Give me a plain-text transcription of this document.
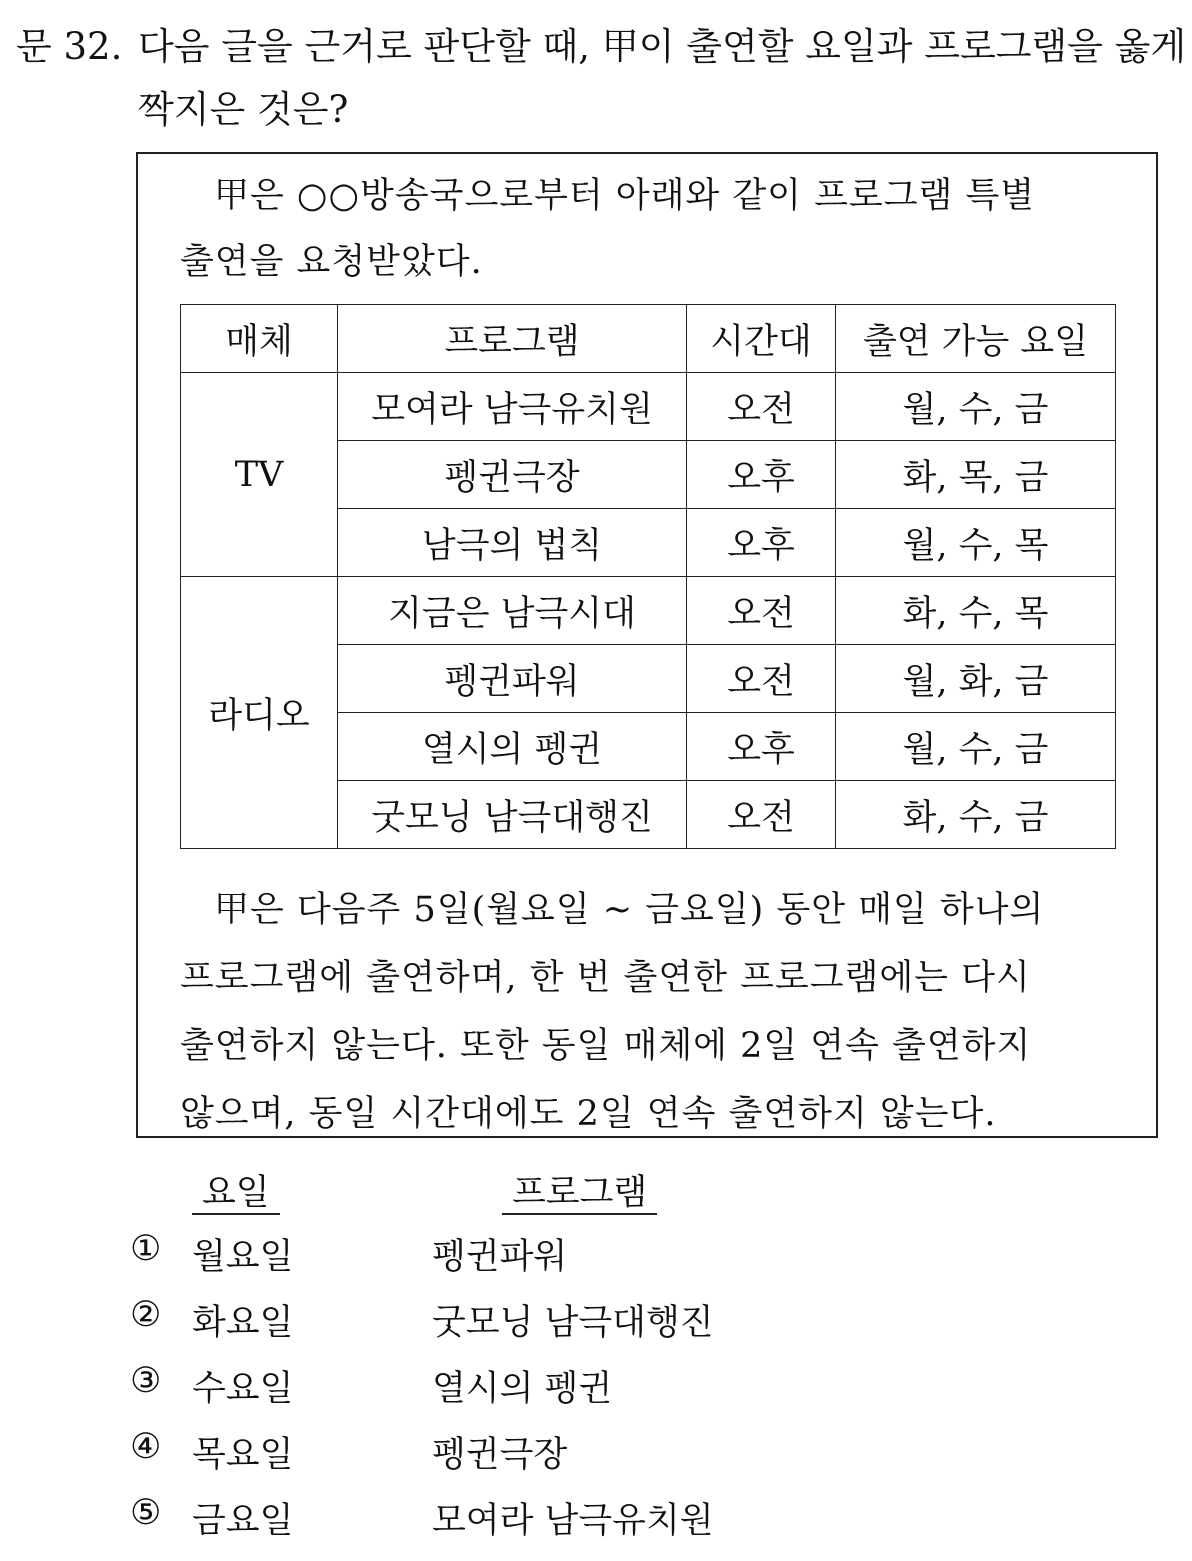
문 32. 다음 글을 근거로 판단할 때, 甲이 출연할 요일과 프로그램을 옳게
짝지은 것은?
甲은 ○○방송국으로부터 아래와 같이 프로그램 특별
출연을 요청받았다.
매체	프로그램	시간대	출연 가능 요일
TV	모여라 남극유치원	오전	월, 수, 금
	펭귄극장	오후	화, 목, 금
	남극의 법칙	오후	월, 수, 목
라디오	지금은 남극시대	오전	화, 수, 목
	펭귄파워	오전	월, 화, 금
	열시의 펭귄	오후	월, 수, 금
	굿모닝 남극대행진	오전	화, 수, 금
甲은 다음주 5일(월요일 ~ 금요일) 동안 매일 하나의
프로그램에 출연하며, 한 번 출연한 프로그램에는 다시
출연하지 않는다. 또한 동일 매체에 2일 연속 출연하지
않으며, 동일 시간대에도 2일 연속 출연하지 않는다.
요일	프로그램
① 월요일	펭귄파워
② 화요일	굿모닝 남극대행진
③ 수요일	열시의 펭귄
④ 목요일	펭귄극장
⑤ 금요일	모여라 남극유치원
